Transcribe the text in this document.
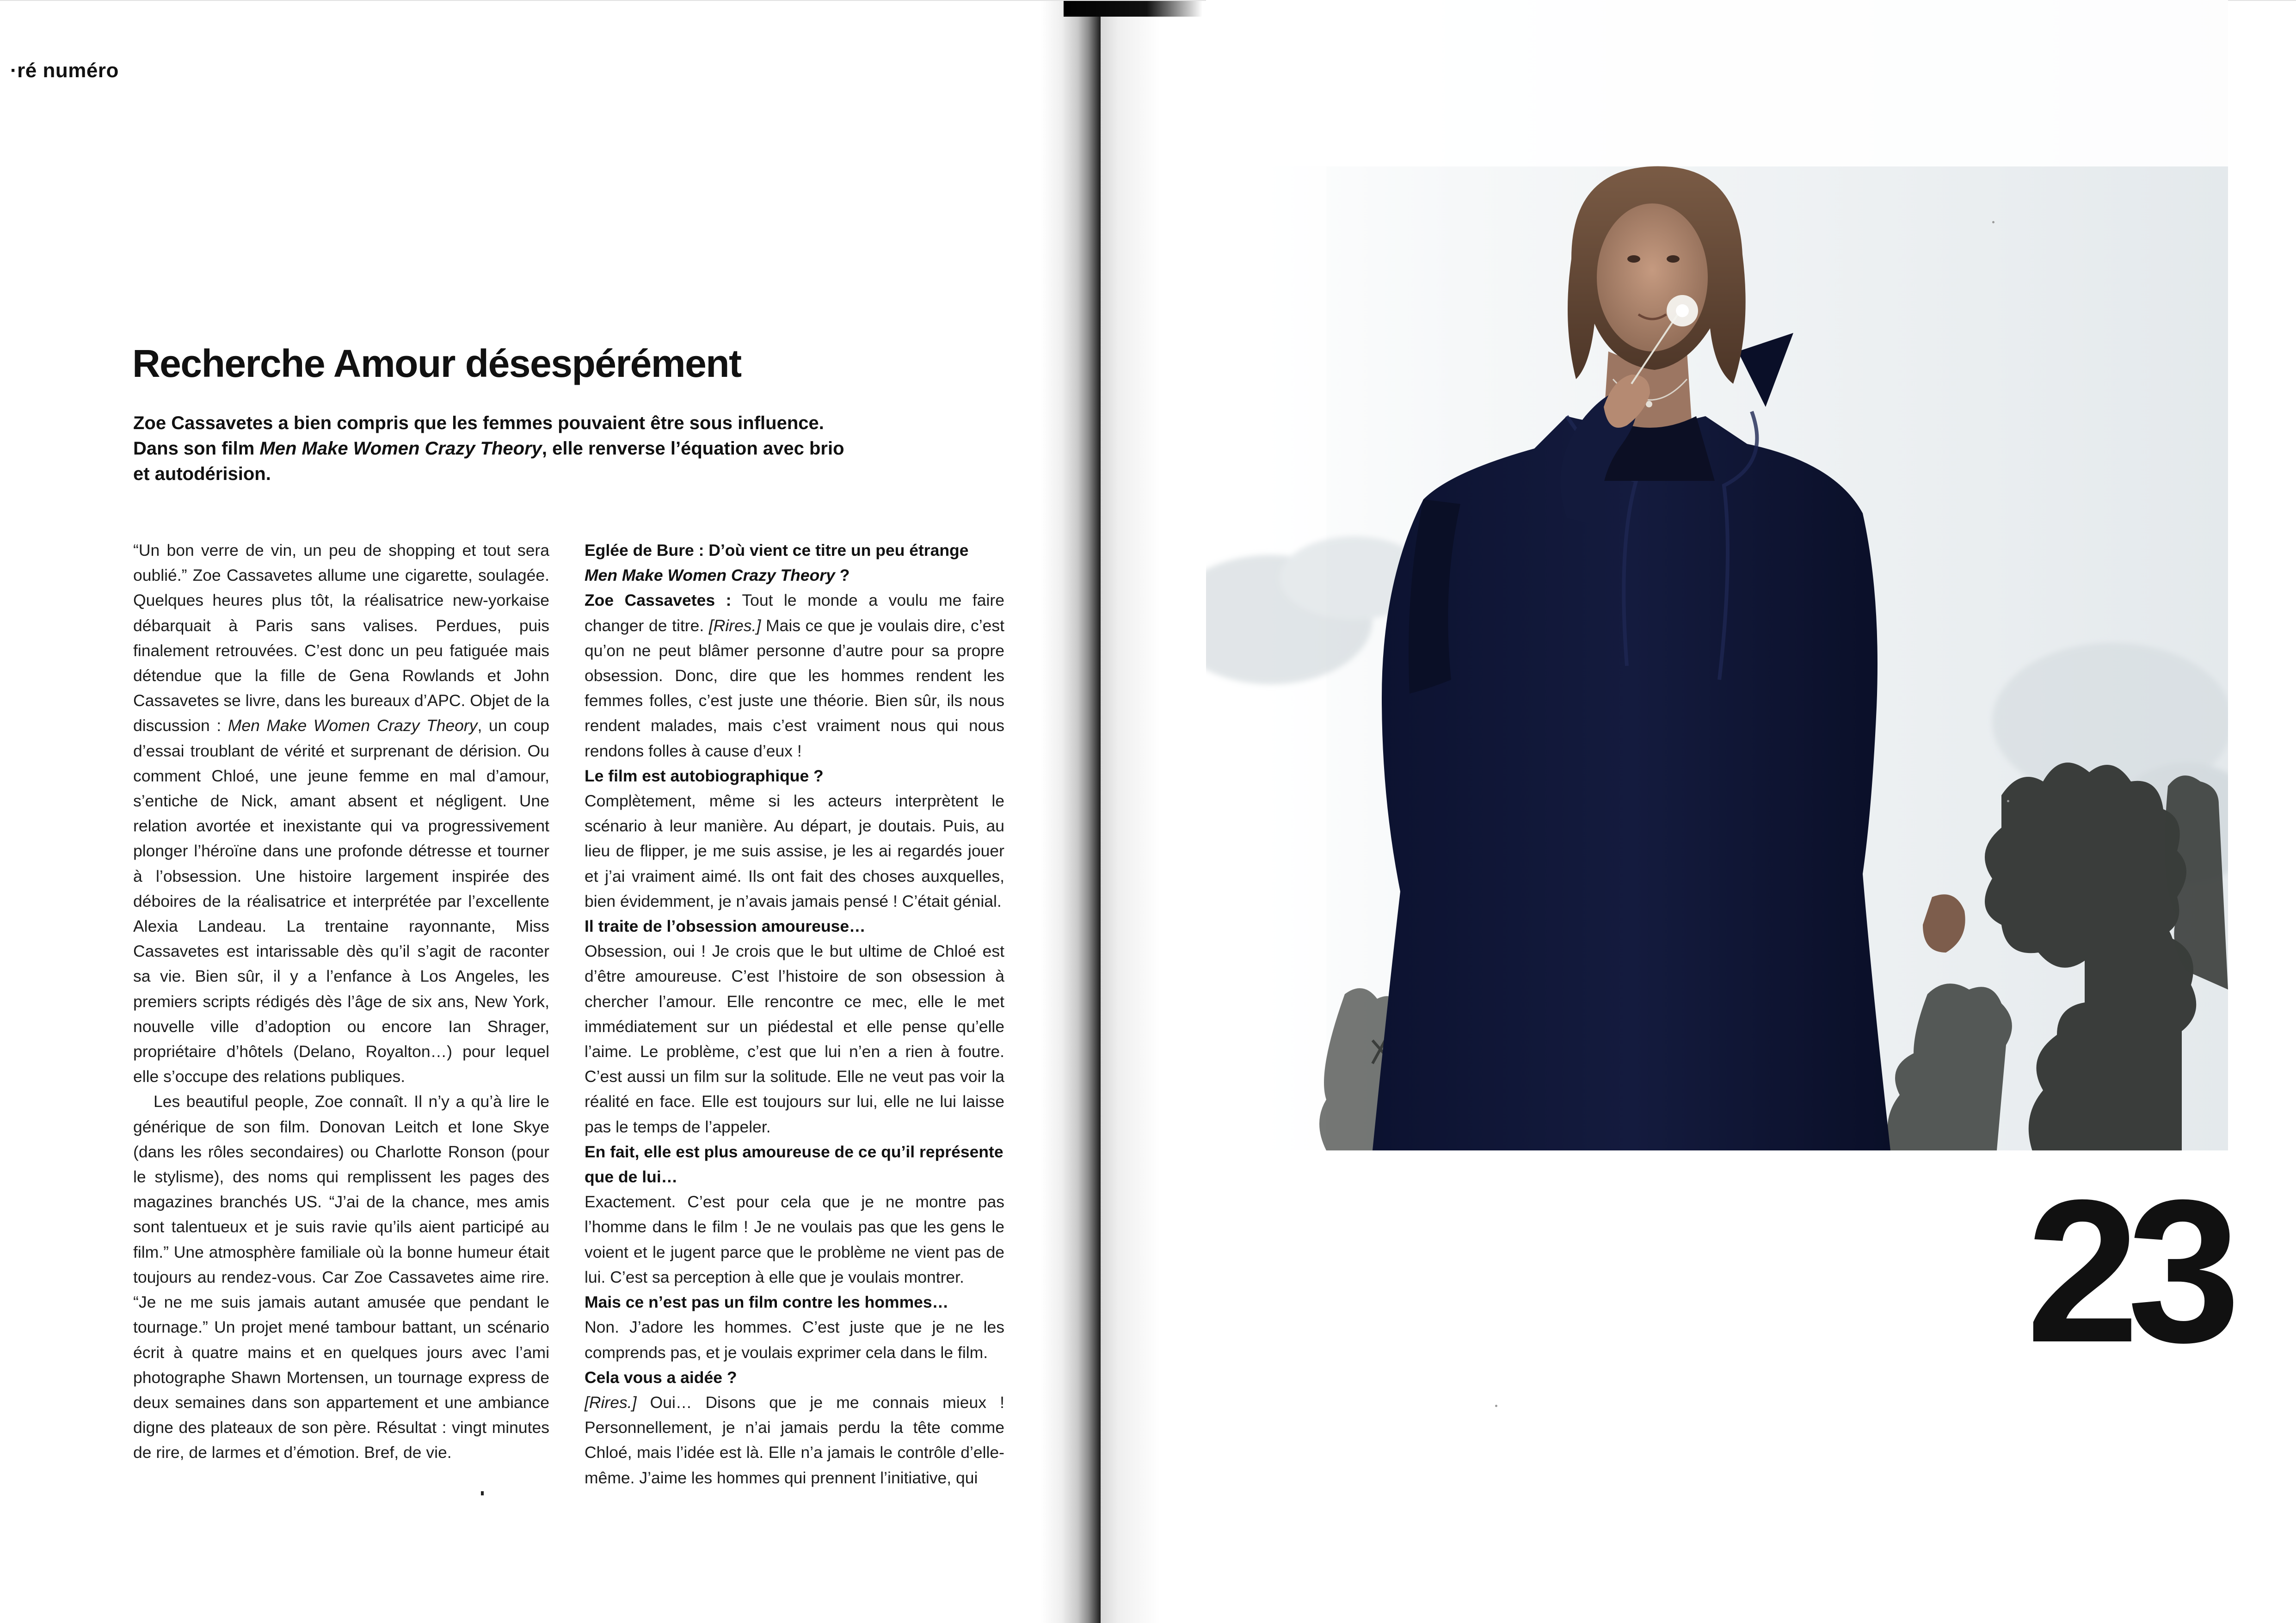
·ré numéro
Recherche Amour désespérément

Zoe Cassavetes a bien compris que les femmes pouvaient être sous influence. Dans son film Men Make Women Crazy Theory, elle renverse l’équation avec brio et autodérision.

“Un bon verre de vin, un peu de shopping et tout sera oublié.” Zoe Cassavetes allume une cigarette, soulagée. Quelques heures plus tôt, la réalisatrice new-yorkaise débarquait à Paris sans valises. Perdues, puis finalement retrouvées. C’est donc un peu fatiguée mais détendue que la fille de Gena Rowlands et John Cassavetes se livre, dans les bureaux d’APC. Objet de la discussion : Men Make Women Crazy Theory, un coup d’essai troublant de vérité et surprenant de dérision. Ou comment Chloé, une jeune femme en mal d’amour, s’entiche de Nick, amant absent et négligent. Une relation avortée et inexistante qui va progressivement plonger l’héroïne dans une profonde détresse et tourner à l’obsession. Une histoire largement inspirée des déboires de la réalisatrice et interprétée par l’excellente Alexia Landeau. La trentaine rayonnante, Miss Cassavetes est intarissable dès qu’il s’agit de raconter sa vie. Bien sûr, il y a l’enfance à Los Angeles, les premiers scripts rédigés dès l’âge de six ans, New York, nouvelle ville d’adoption ou encore Ian Shrager, propriétaire d’hôtels (Delano, Royalton…) pour lequel elle s’occupe des relations publiques.

Les beautiful people, Zoe connaît. Il n’y a qu’à lire le générique de son film. Donovan Leitch et Ione Skye (dans les rôles secondaires) ou Charlotte Ronson (pour le stylisme), des noms qui remplissent les pages des magazines branchés US. “J’ai de la chance, mes amis sont talentueux et je suis ravie qu’ils aient participé au film.” Une atmosphère familiale où la bonne humeur était toujours au rendez-vous. Car Zoe Cassavetes aime rire. “Je ne me suis jamais autant amusée que pendant le tournage.” Un projet mené tambour battant, un scénario écrit à quatre mains et en quelques jours avec l’ami photographe Shawn Mortensen, un tournage express de deux semaines dans son appartement et une ambiance digne des plateaux de son père. Résultat : vingt minutes de rire, de larmes et d’émotion. Bref, de vie.

Eglée de Bure : D’où vient ce titre un peu étrange Men Make Women Crazy Theory ?

Zoe Cassavetes : Tout le monde a voulu me faire changer de titre. [Rires.] Mais ce que je voulais dire, c’est qu’on ne peut blâmer personne d’autre pour sa propre obsession. Donc, dire que les hommes rendent les femmes folles, c’est juste une théorie. Bien sûr, ils nous rendent malades, mais c’est vraiment nous qui nous rendons folles à cause d’eux !

Le film est autobiographique ?

Complètement, même si les acteurs interprètent le scénario à leur manière. Au départ, je doutais. Puis, au lieu de flipper, je me suis assise, je les ai regardés jouer et j’ai vraiment aimé. Ils ont fait des choses auxquelles, bien évidemment, je n’avais jamais pensé ! C’était génial.

Il traite de l’obsession amoureuse…

Obsession, oui ! Je crois que le but ultime de Chloé est d’être amoureuse. C’est l’histoire de son obsession à chercher l’amour. Elle rencontre ce mec, elle le met immédiatement sur un piédestal et elle pense qu’elle l’aime. Le problème, c’est que lui n’en a rien à foutre. C’est aussi un film sur la solitude. Elle ne veut pas voir la réalité en face. Elle est toujours sur lui, elle ne lui laisse pas le temps de l’appeler.

En fait, elle est plus amoureuse de ce qu’il représente que de lui…

Exactement. C’est pour cela que je ne montre pas l’homme dans le film ! Je ne voulais pas que les gens le voient et le jugent parce que le problème ne vient pas de lui. C’est sa perception à elle que je voulais montrer.

Mais ce n’est pas un film contre les hommes…

Non. J’adore les hommes. C’est juste que je ne les comprends pas, et je voulais exprimer cela dans le film.

Cela vous a aidée ?

[Rires.] Oui… Disons que je me connais mieux ! Personnellement, je n’ai jamais perdu la tête comme Chloé, mais l’idée est là. Elle n’a jamais le contrôle d’elle-même. J’aime les hommes qui prennent l’initiative, qui

23
